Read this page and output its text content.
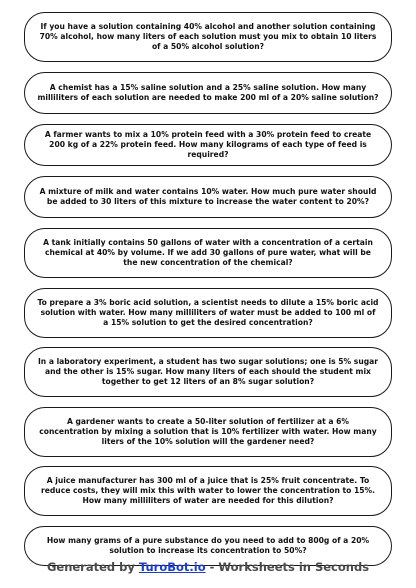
If you have a solution containing 40% alcohol and another solution containing 70% alcohol, how many liters of each solution must you mix to obtain 10 liters of a 50% alcohol solution?
A chemist has a 15% saline solution and a 25% saline solution. How many milliliters of each solution are needed to make 200 ml of a 20% saline solution?
A farmer wants to mix a 10% protein feed with a 30% protein feed to create 200 kg of a 22% protein feed. How many kilograms of each type of feed is required?
A mixture of milk and water contains 10% water. How much pure water should be added to 30 liters of this mixture to increase the water content to 20%?
A tank initially contains 50 gallons of water with a concentration of a certain chemical at 40% by volume. If we add 30 gallons of pure water, what will be the new concentration of the chemical?
To prepare a 3% boric acid solution, a scientist needs to dilute a 15% boric acid solution with water. How many milliliters of water must be added to 100 ml of a 15% solution to get the desired concentration?
In a laboratory experiment, a student has two sugar solutions; one is 5% sugar and the other is 15% sugar. How many liters of each should the student mix together to get 12 liters of an 8% sugar solution?
A gardener wants to create a 50-liter solution of fertilizer at a 6% concentration by mixing a solution that is 10% fertilizer with water. How many liters of the 10% solution will the gardener need?
A juice manufacturer has 300 ml of a juice that is 25% fruit concentrate. To reduce costs, they will mix this with water to lower the concentration to 15%. How many milliliters of water are needed for this dilution?
How many grams of a pure substance do you need to add to 800g of a 20% solution to increase its concentration to 50%?
Generated by TuroBot.io - Worksheets in Seconds
